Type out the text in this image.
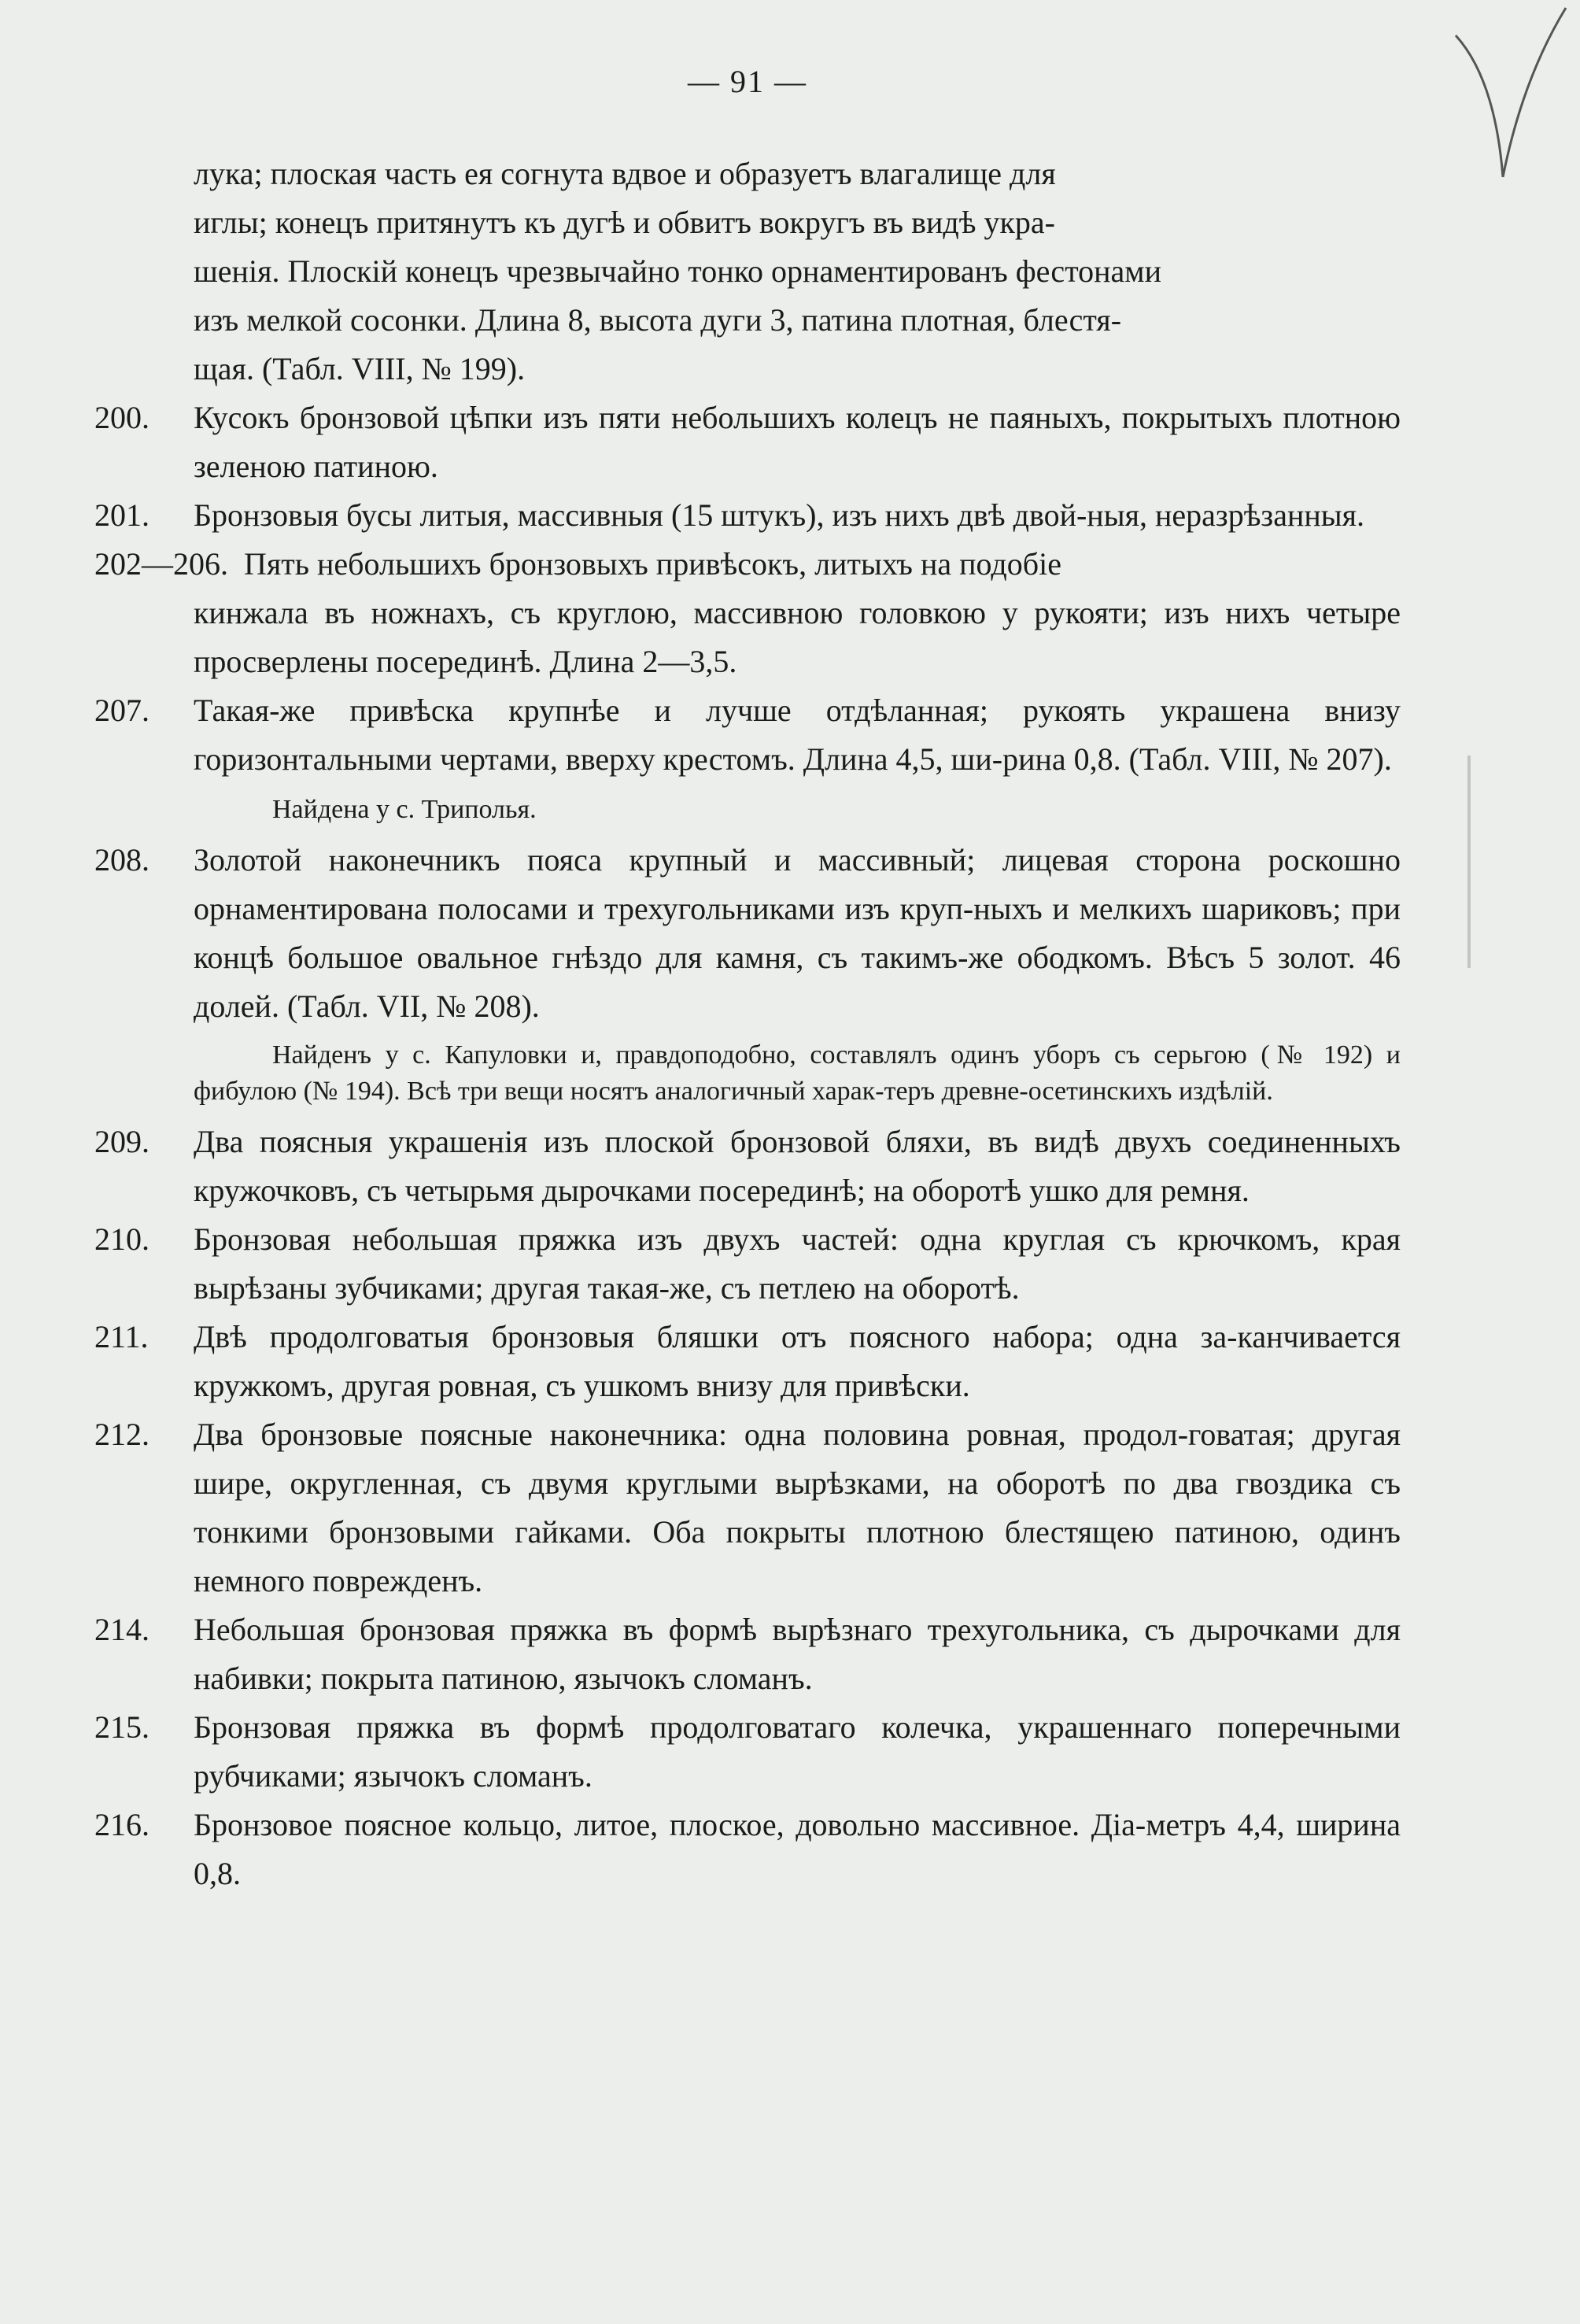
— 91 —
лука; плоская часть ея согнута вдвое и образуетъ влагалище для
иглы; конецъ притянутъ къ дугѣ и обвитъ вокругъ въ видѣ укра-
шенія. Плоскій конецъ чрезвычайно тонко орнаментированъ фестонами
изъ мелкой сосонки. Длина 8, высота дуги 3, патина плотная, блестя-
щая. (Табл. VIII, № 199).
200. Кусокъ бронзовой цѣпки изъ пяти небольшихъ колецъ не паяныхъ, покрытыхъ плотною зеленою патиною.
201. Бронзовыя бусы литыя, массивныя (15 штукъ), изъ нихъ двѣ двой-ныя, неразрѣзанныя.
202—206. Пять небольшихъ бронзовыхъ привѣсокъ, литыхъ на подобіе
кинжала въ ножнахъ, съ круглою, массивною головкою у рукояти; изъ нихъ четыре просверлены посерединѣ. Длина 2—3,5.
207. Такая-же привѣска крупнѣе и лучше отдѣланная; рукоять украшена внизу горизонтальными чертами, вверху крестомъ. Длина 4,5, ши-рина 0,8. (Табл. VIII, № 207).
Найдена у с. Триполья.
208. Золотой наконечникъ пояса крупный и массивный; лицевая сторона роскошно орнаментирована полосами и трехугольниками изъ круп-ныхъ и мелкихъ шариковъ; при концѣ большое овальное гнѣздо для камня, съ такимъ-же ободкомъ. Вѣсъ 5 золот. 46 долей. (Табл. VII, № 208).
Найденъ у с. Капуловки и, правдоподобно, составлялъ одинъ уборъ съ серьгою (№ 192) и фибулою (№ 194). Всѣ три вещи носятъ аналогичный харак-теръ древне-осетинскихъ издѣлій.
209. Два поясныя украшенія изъ плоской бронзовой бляхи, въ видѣ двухъ соединенныхъ кружочковъ, съ четырьмя дырочками посерединѣ; на оборотѣ ушко для ремня.
210. Бронзовая небольшая пряжка изъ двухъ частей: одна круглая съ крючкомъ, края вырѣзаны зубчиками; другая такая-же, съ петлею на оборотѣ.
211. Двѣ продолговатыя бронзовыя бляшки отъ поясного набора; одна за-канчивается кружкомъ, другая ровная, съ ушкомъ внизу для привѣски.
212. Два бронзовые поясные наконечника: одна половина ровная, продол-говатая; другая шире, округленная, съ двумя круглыми вырѣзками, на оборотѣ по два гвоздика съ тонкими бронзовыми гайками. Оба покрыты плотною блестящею патиною, одинъ немного поврежденъ.
214. Небольшая бронзовая пряжка въ формѣ вырѣзнаго трехугольника, съ дырочками для набивки; покрыта патиною, язычокъ сломанъ.
215. Бронзовая пряжка въ формѣ продолговатаго колечка, украшеннаго поперечными рубчиками; язычокъ сломанъ.
216. Бронзовое поясное кольцо, литое, плоское, довольно массивное. Діа-метръ 4,4, ширина 0,8.
